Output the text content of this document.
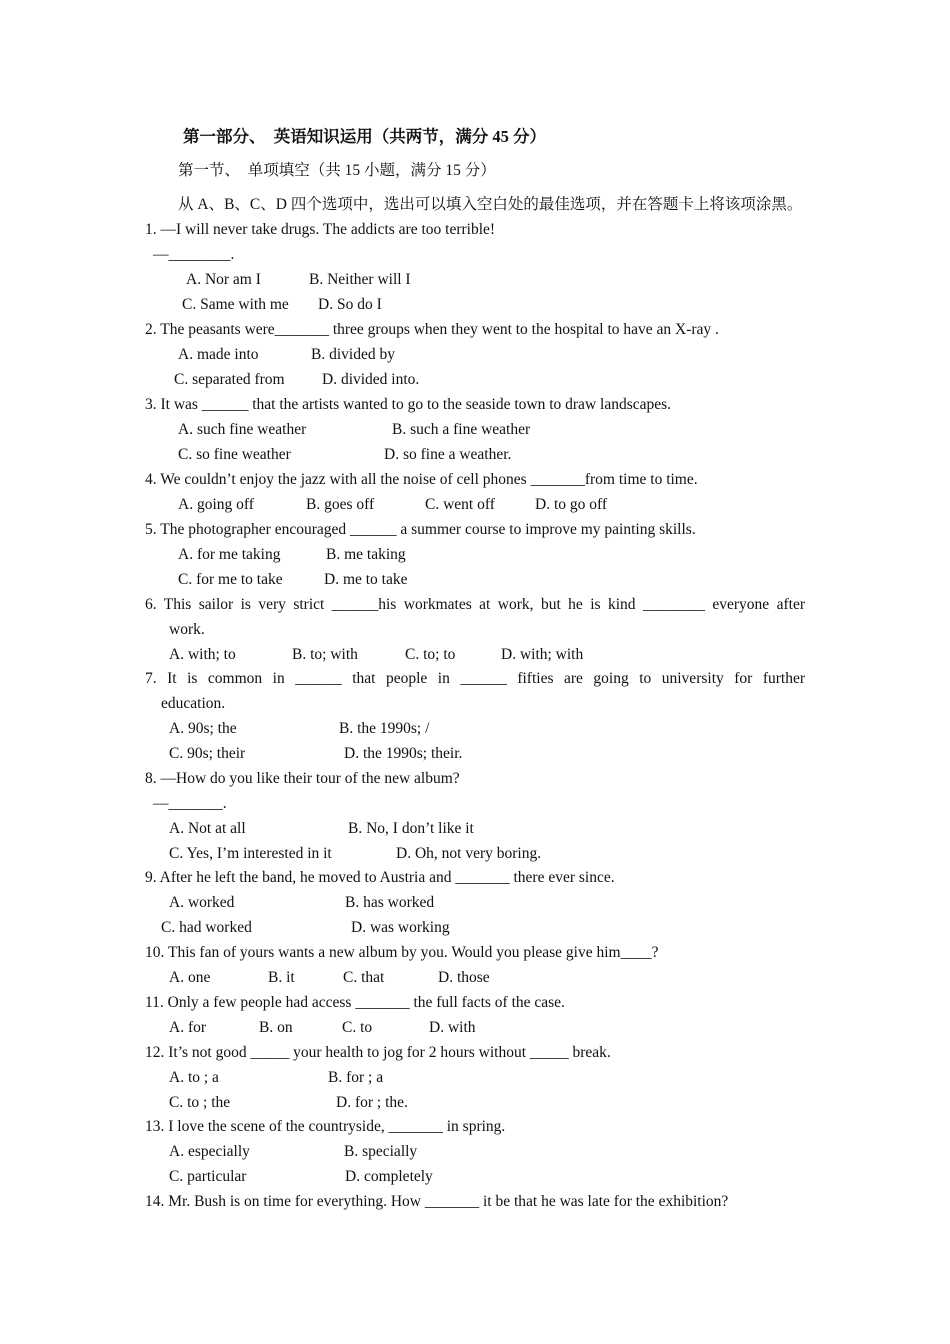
第一部分、  英语知识运用（共两节，满分 45 分）
第一节、  单项填空（共 15 小题，满分 15 分）
从 A、B、C、D 四个选项中，选出可以填入空白处的最佳选项，并在答题卡上将该项涂黑。
1. —I will never take drugs. The addicts are too terrible!
—________.
A. Nor am I	B. Neither will I
C. Same with me D. So do I
2. The peasants were_______ three groups when they went to the hospital to have an X-ray .
A. made into	B. divided by
C. separated from D. divided into.
3. It was ______ that the artists wanted to go to the seaside town to draw landscapes.
A. such fine weather	B. such a fine weather
C. so fine weather	D. so fine a weather.
4. We couldn’t enjoy the jazz with all the noise of cell phones _______from time to time.
A. going off	B. goes off	C. went off	D. to go off
5. The photographer encouraged ______ a summer course to improve my painting skills.
A. for me taking	B. me taking
C. for me to take	D. me to take
6. This sailor is very strict ______his workmates at work, but he is kind ________ everyone after
work.
A. with; to	B. to; with	C. to; to	D. with; with
7. It is common in ______ that people in ______ fifties are going to university for further
education.
A. 90s; the	B. the 1990s; /
C. 90s; their	D. the 1990s; their.
8. —How do you like their tour of the new album?
—_______.
A. Not at all	B. No, I don’t like it
C. Yes, I’m interested in it	D. Oh, not very boring.
9. After he left the band, he moved to Austria and _______ there ever since.
A. worked	B. has worked
C. had worked	D. was working
10. This fan of yours wants a new album by you. Would you please give him____?
A. one	B. it	C. that	D. those
11. Only a few people had access _______ the full facts of the case.
A. for	B. on	C. to	D. with
12. It’s not good _____ your health to jog for 2 hours without _____ break.
A. to ; a	B. for ; a
C. to ; the	D. for ; the.
13. I love the scene of the countryside, _______ in spring.
A. especially	B. specially
C. particular	D. completely
14. Mr. Bush is on time for everything. How _______ it be that he was late for the exhibition?
